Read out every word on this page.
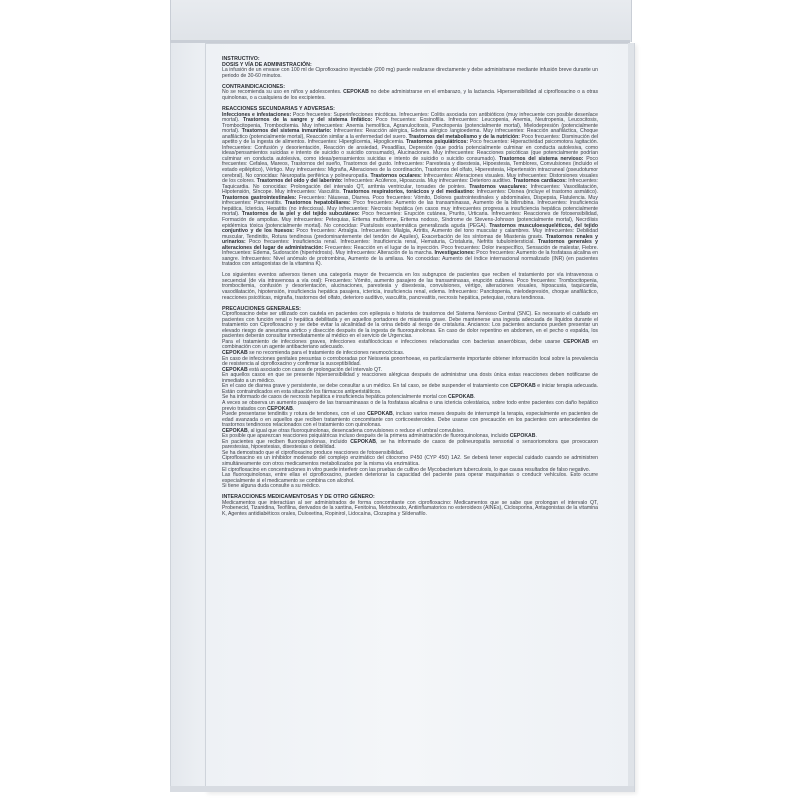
INSTRUCTIVO:
DOSIS Y VÍA DE ADMINISTRACIÓN:

La infusión de un envase con 100 ml de Ciprofloxacino inyectable (200 mg) puede realizarse directamente y debe administrarse mediante infusión breve durante un periodo de 30-60 minutos.

CONTRAINDICACIONES:

No se recomienda su uso en niños y adolescentes. CEPOKAB no debe administrarse en el embarazo, y la lactancia. Hipersensibilidad al ciprofloxacino o a otras quinolonas, o a cualquiera de los excipientes.

REACCIONES SECUNDARIAS Y ADVERSAS:

Infecciones e infestaciones: Poco frecuentes: Superinfecciones micóticas. Infrecuentes: Colitis asociada con antibióticos (muy infrecuente con posible desenlace mortal). Trastornos de la sangre y del sistema linfático: Poco frecuentes: Eosinofilia. Infrecuentes: Leucopenia, Anemia, Neutropenia, Leucocitosis, Trombocitopenia, Trombocitemia. Muy infrecuentes: Anemia hemolítica, Agranulocitosis, Pancitopenia (potencialmente mortal), Mielodepresión (potencialmente mortal). Trastornos del sistema inmunitario: Infrecuentes: Reacción alérgica, Edema alérgico /angioedema. Muy infrecuentes: Reacción anafiláctica, Choque anafiláctico (potencialmente mortal), Reacción similar a la enfermedad del suero. Trastornos del metabolismo y de la nutrición: Poco frecuentes: Disminución del apetito y de la ingesta de alimentos. Infrecuentes: Hiperglicemia, Hipoglicemia. Trastornos psiquiátricos: Poco frecuentes: Hiperactividad psicomotora /agitación. Infrecuentes: Confusión y desorientación, Reacción de ansiedad, Pesadillas, Depresión (que podría potencialmente culminar en conducta autolesiva, como ideas/pensamientos suicidas e intento de suicidio o suicidio consumado), Alucinaciones. Muy infrecuentes: Reacciones psicóticas (que potencialmente podrían culminar en conducta autolesiva, como ideas/pensamientos suicidas e intento de suicidio o suicidio consumado). Trastornos del sistema nervioso: Poco frecuentes: Cefalea, Mareos, Trastornos del sueño, Trastornos del gusto. Infrecuentes: Parestesia y disestesia, Hipoestesia, Temblores, Convulsiones (incluido el estado epiléptico), Vértigo. Muy infrecuentes: Migraña, Alteraciones de la coordinación, Trastornos del olfato, Hiperestesia, Hipertensión intracraneal (pseudotumor cerebral). No conocidas: Neuropatía periférica y polineuropatía. Trastornos oculares: Infrecuentes: Alteraciones visuales. Muy infrecuentes: Distorsiones visuales de los colores. Trastornos del oído y del laberinto: Infrecuentes: Acúfenos, Hipoacusia. Muy infrecuentes: Deterioro auditivo. Trastornos cardíacos: Infrecuentes: Taquicardia. No conocidas: Prolongación del intervalo QT, arritmia ventricular, torsades de pointes. Trastornos vasculares: Infrecuentes: Vasodilatación, Hipotensión, Síncope. Muy infrecuentes: Vasculitis. Trastornos respiratorios, torácicos y del mediastino: Infrecuentes: Disnea (incluye el trastorno asmático). Trastornos gastrointestinales: Frecuentes: Náuseas, Diarrea. Poco frecuentes: Vómito, Dolores gastrointestinales y abdominales, Dispepsia, Flatulencia. Muy infrecuentes: Pancreatitis. Trastornos hepatobiliares: Poco frecuentes: Aumento de las transaminasas, Aumento de la bilirrubina. Infrecuentes: Insuficiencia hepática, Ictericia, Hepatitis (no infecciosa). Muy infrecuentes: Necrosis hepática (en casos muy infrecuentes progresa a insuficiencia hepática potencialmente mortal). Trastornos de la piel y del tejido subcutáneo: Poco frecuentes: Erupción cutánea, Prurito, Urticaria. Infrecuentes: Reacciones de fotosensibilidad, Formación de ampollas. Muy infrecuentes: Petequias, Eritema multiforme, Eritema nodoso, Síndrome de Stevens-Johnson (potencialmente mortal), Necrólisis epidérmica tóxica (potencialmente mortal). No conocidas: Pustulosis exantemática generalizada aguda (PEGA). Trastornos musculoesqueléticos, del tejido conjuntivo y de los huesos: Poco frecuentes: Artralgia. Infrecuentes: Mialgia, Artritis, Aumento del tono muscular y calambres. Muy infrecuentes: Debilidad muscular, Tendinitis, Rotura tendinosa (predominantemente del tendón de Aquiles), Exacerbación de los síntomas de Miastenia gravis. Trastornos renales y urinarios: Poco frecuentes: Insuficiencia renal. Infrecuentes: Insuficiencia renal, Hematuria, Cristaluria, Nefritis tubulointersticial. Trastornos generales y alteraciones del lugar de administración: Frecuentes: Reacción en el lugar de la inyección. Poco frecuentes: Dolor inespecífico, Sensación de malestar, Fiebre. Infrecuentes: Edema, Sudoración (hiperhidrosis). Muy infrecuentes: Alteración de la marcha. Investigaciones: Poco frecuentes: Aumento de la fosfatasa alcalina en sangre. Infrecuentes: Nivel anómalo de protrombina, Aumento de la amilasa. No conocidas: Aumento del índice internacional normalizado (INR) (en pacientes tratados con antagonistas de la vitamina K).

Los siguientes eventos adversos tienen una categoría mayor de frecuencia en los subgrupos de pacientes que reciben el tratamiento por vía intravenosa o secuencial (de vía intravenosa a vía oral): Frecuentes: Vómito, aumento pasajero de las transaminasas, erupción cutánea. Poco frecuentes: Trombocitopenia, trombocitemia, confusión y desorientación, alucinaciones, parestesia y disestesia, convulsiones, vértigo, alteraciones visuales, hipoacusia, taquicardia, vasodilatación, hipotensión, insuficiencia hepática pasajera, ictericia, insuficiencia renal, edema. Infrecuentes: Pancitopenia, mielodepresión, choque anafiláctico, reacciones psicóticas, migraña, trastornos del olfato, deterioro auditivo, vasculitis, pancreatitis, necrosis hepática, petequias, rotura tendinosa.

PRECAUCIONES GENERALES:

Ciprofloxacino debe ser utilizado con cautela en pacientes con epilepsia o historia de trastornos del Sistema Nervioso Central (SNC). Es necesario el cuidado en pacientes con función renal o hepática debilitada y en aquellos portadores de miastenia grave. Debe mantenerse una ingesta adecuada de líquidos durante el tratamiento con Ciprofloxacino y se debe evitar la alcalinidad de la orina debido al riesgo de cristaluria. Ancianos: Los pacientes ancianos pueden presentar un elevado riesgo de aneurisma aórtico y disección después de la ingesta de fluoroquinolonas. En caso de dolor repentino en abdomen, en el pecho o espalda, los pacientes deberán consultar inmediatamente al médico en el servicio de Urgencias.

Para el tratamiento de infecciones graves, infecciones estafilocócicas e infecciones relacionadas con bacterias anaeróbicas, debe usarse CEPOKAB en combinación con un agente antibacteriano adecuado.

CEPOKAB se no recomienda para el tratamiento de infecciones neumocócicas.

En caso de infecciones genitales presuntas o corroboradas por Neisseria gonorrhoeae, es particularmente importante obtener información local sobre la prevalencia de resistencia al ciprofloxacino y confirmar la susceptibilidad.

CEPOKAB está asociado con casos de prolongación del intervalo QT.

En aquellos casos en que se presente hipersensibilidad y reacciones alérgicas después de administrar una dosis única estas reacciones deben notificarse de inmediato a un médico.

En el caso de diarrea grave y persistente, se debe consultar a un médico. En tal caso, se debe suspender el tratamiento con CEPOKAB e iniciar terapia adecuada. Están contraindicados en esta situación los fármacos antiperistálticos.

Se ha informado de casos de necrosis hepática e insuficiencia hepática potencialmente mortal con CEPOKAB.

A veces se observa un aumento pasajero de las transaminasas o de la fosfatasa alcalina o una ictericia colestásica, sobre todo entre pacientes con daño hepático previo tratados con CEPOKAB.

Puede presentarse tendinitis y rotura de tendones, con el uso CEPOKAB, incluso varios meses después de interrumpir la terapia, especialmente en pacientes de edad avanzada o en aquellos que reciben tratamiento concomitante con corticoesteroides. Debe usarse con precaución en los pacientes con antecedentes de trastornos tendinosos relacionados con el tratamiento con quinolonas.

CEPOKAB, al igual que otras fluoroquinolonas, desencadena convulsiones o reduce el umbral convulsivo.

Es posible que aparezcan reacciones psiquiátricas incluso después de la primera administración de fluoroquinolonas, incluido CEPOKAB.

En pacientes que reciben fluoroquinolonas, incluido CEPOKAB, se ha informado de casos de polineuropatía sensorial o sensoriomotora que provocaron parestesias, hipoestesias, disestesias o debilidad.

Se ha demostrado que el ciprofloxacino produce reacciones de fotosensibilidad.

Ciprofloxacino es un inhibidor moderado del complejo enzimático del citocromo P450 (CYP 450) 1A2. Se deberá tener especial cuidado cuando se administren simultáneamente con otros medicamentos metabolizados por la misma vía enzimática.

El ciprofloxacino en concentraciones in vitro puede interferir con las pruebas de cultivo de Mycobacterium tuberculosis, lo que causa resultados de falso negativo.

Las fluoroquinolonas, entre ellas el ciprofloxacino, pueden deteriorar la capacidad del paciente para operar maquinarias o conducir vehículos. Esto ocurre especialmente si el medicamento se combina con alcohol.

Si tiene alguna duda consulte a su médico.

INTERACCIONES MEDICAMENTOSAS Y DE OTRO GÉNERO:

Medicamentos que interactúan al ser administrados de forma concomitante con ciprofloxacino: Medicamentos que se sabe que prolongan el intervalo QT, Probenecid, Tizanidina, Teofilina, derivados de la xantina, Fenitoína, Metotrexato, Antiinflamatorios no esteroideos (AINEs), Ciclosporina, Antagonistas de la vitamina K, Agentes antidiabéticos orales, Duloxetina, Ropinirol, Lidocaína, Clozapina y Sildenafilo.
